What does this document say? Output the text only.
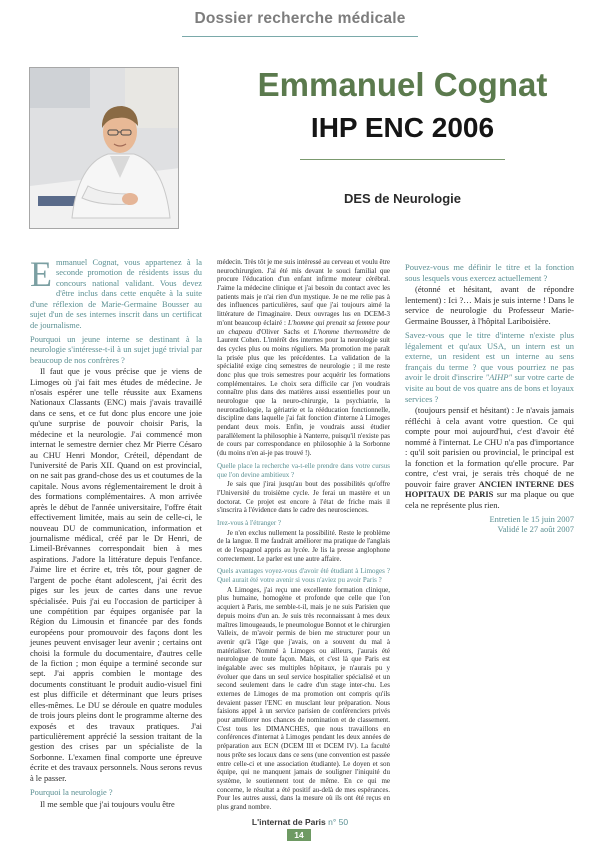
Dossier recherche médicale
Emmanuel Cognat
IHP ENC 2006
DES de Neurologie
E mmanuel Cognat, vous appartenez à la seconde promotion de résidents issus du concours national validant. Vous devez d'être inclus dans cette enquête à la suite d'une réflexion de Marie-Germaine Bousser au sujet d'un de ses internes inscrit dans un certificat de journalisme.

Pourquoi un jeune interne se destinant à la neurologie s'intéresse-t-il à un sujet jugé trivial par beaucoup de nos confrères ?

Il faut que je vous précise que je viens de Limoges où j'ai fait mes études de médecine. Je n'osais espérer une telle réussite aux Examens Nationaux Classants (ENC) mais j'avais travaillé dans ce sens, et ce fut donc plus encore une joie qu'une surprise de pouvoir choisir Paris, la médecine et la neurologie. J'ai commencé mon internat le semestre dernier chez Mr Pierre Césaro au CHU Henri Mondor, Créteil, dépendant de l'université de Paris XII. Quand on est provincial, on ne sait pas grand-chose des us et coutumes de la capitale. Nous avons réglementairement le droit à des formations complémentaires. A mon arrivée après le début de l'année universitaire, l'offre était effectivement limitée, mais au sein de celle-ci, le nouveau DU de communication, information et journalisme médical, créé par le Dr Henri, de Limeil-Brévannes correspondait bien à mes aspirations. J'adore la littérature depuis l'enfance. J'aime lire et écrire et, très tôt, pour gagner de l'argent de poche étant adolescent, j'ai écrit des piges sur les jeux de cartes dans une revue spécialisée. Puis j'ai eu l'occasion de participer à une compétition par équipes organisée par la Région du Limousin et financée par des fonds européens pour promouvoir des façons dont les jeunes peuvent envisager leur avenir ; certains ont choisi la formule du documentaire, d'autres celle de la fiction ; mon équipe a terminé seconde sur sept. J'ai appris combien le montage des documents constituant le produit audio-visuel fini est plus difficile et déterminant que leurs prises elles-mêmes. Le DU se déroule en quatre modules de trois jours pleins dont le programme alterne des exposés et des travaux pratiques. J'ai particulièrement apprécié la session traitant de la gestion des crises par un spécialiste de la Sorbonne. L'examen final comporte une épreuve écrite et des travaux personnels. Nous serons revus à le passer.

Pourquoi la neurologie ?

Il me semble que j'ai toujours voulu être

médecin. Très tôt je me suis intéressé au cerveau et voulu être neurochirurgien. J'ai été mis devant le souci familial que procure l'éducation d'un enfant infirme moteur cérébral. J'aime la médecine clinique et j'ai besoin du contact avec les patients mais je n'ai rien d'un mystique. Je ne me relie pas à des influences particulières, sauf que j'ai toujours aimé la littérature de l'imaginaire. Deux ouvrages lus en DCEM-3 m'ont beaucoup éclairé : L'homme qui prenait sa femme pour un chapeau d'Oliver Sachs et L'homme thermomètre de Laurent Cohen. L'intérêt des internes pour la neurologie suit des cycles plus ou moins réguliers. Ma promotion me paraît la prisée plus que les précédentes. La validation de la spécialité exige cinq semestres de neurologie ; il me reste donc plus que trois semestres pour acquérir les formations complémentaires. Le choix sera difficile car j'en voudrais connaître plus dans des matières aussi essentielles pour un neurologue que la neuro-chirurgie, la psychiatrie, la neuroradiologie, la gériatrie et la rééducation fonctionnelle, discipline dans laquelle j'ai fait fonction d'interne à Limoges pendant deux mois. Enfin, je voudrais aussi étudier parallèlement la philosophie à Nanterre, puisqu'il n'existe pas de cours par correspondance en philosophie à la Sorbonne (du moins n'en ai-je pas trouvé !).

Quelle place la recherche va-t-elle prendre dans votre cursus que l'on devine ambitieux ?

Je sais que j'irai jusqu'au bout des possibilités qu'offre l'Université du troisième cycle. Je ferai un mastère et un doctorat. Ce projet est encore à l'état de friche mais il s'inscrira à l'évidence dans le cadre des neurosciences.

Irez-vous à l'étranger ?

Je n'en exclus nullement la possibilité. Reste le problème de la langue. Il me faudrait améliorer ma pratique de l'anglais et de l'espagnol appris au lycée. Je lis la presse anglophone correctement. Le parler est une autre affaire.

Quels avantages voyez-vous d'avoir été étudiant à Limoges ? Quel aurait été votre avenir si vous n'aviez pu avoir Paris ?

A Limoges, j'ai reçu une excellente formation clinique, plus humaine, homogène et profonde que celle que l'on acquiert à Paris, me semble-t-il, mais je ne suis Parisien que depuis moins d'un an. Je suis très reconnaissant à mes deux maîtres limougeauds, le pneumologue Bonnot et le chirurgien Valleix, de m'avoir permis de bien me structurer pour un avenir qu'à l'âge que j'avais, on a souvent du mal à matérialiser. Nommé à Limoges ou ailleurs, j'aurais été neurologue de toute façon. Mais, et c'est là que Paris est inégalable avec ses multiples hôpitaux, je n'aurais pu y évoluer que dans un seul service hospitalier spécialisé et un second seulement dans le cadre d'un stage inter-chu. Les externes de Limoges de ma promotion ont compris qu'ils devaient passer l'ENC en musclant leur préparation. Nous faisions appel à un service parisien de conférenciers privés pour améliorer nos chances de nomination et de classement. C'est tous les DIMANCHES, que nous travaillons en conférences d'internat à Limoges pendant les deux années de préparation aux ECN (DCEM III et DCEM IV). La faculté nous prête ses locaux dans ce sens (une convention est passée entre celle-ci et une association étudiante). Le doyen et son équipe, qui ne manquent jamais de souligner l'iniquité du système, le soutiennent tout de même. En ce qui me concerne, le résultat a été positif au-delà de mes espérances. Pour les autres aussi, dans la mesure où ils ont été reçus en plus grand nombre.

Pouvez-vous me définir le titre et la fonction sous lesquels vous exercez actuellement ?

(étonné et hésitant, avant de répondre lentement) : Ici ?… Mais je suis interne ! Dans le service de neurologie du Professeur Marie-Germaine Bousser, à l'hôpital Lariboisière.

Savez-vous que le titre d'interne n'existe plus légalement et qu'aux USA, un intern est un externe, un resident est un interne au sens français du terme ? que vous pourriez ne pas avoir le droit d'inscrire "AIHP" sur votre carte de visite au bout de vos quatre ans de bons et loyaux services ?

(toujours pensif et hésitant) : Je n'avais jamais réfléchi à cela avant votre question. Ce qui compte pour moi aujourd'hui, c'est d'avoir été nommé à l'internat. Le CHU n'a pas d'importance : qu'il soit parisien ou provincial, le principal est la fonction et la formation qu'elle procure. Par contre, c'est vrai, je serais très choqué de ne pouvoir faire graver ANCIEN INTERNE DES HOPITAUX DE PARIS sur ma plaque ou que cela ne représente plus rien.

Entretien le 15 juin 2007

Validé le 27 août 2007

L'internat de Paris n° 50
14
